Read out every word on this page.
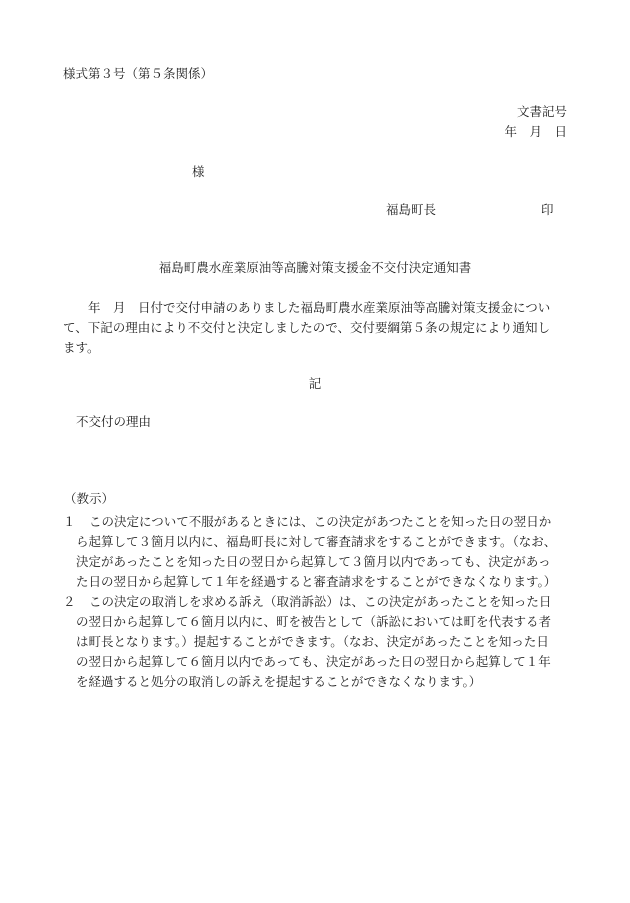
様式第３号（第５条関係）
文書記号
年　月　日
様
福島町長	印
福島町農水産業原油等高騰対策支援金不交付決定通知書
　　年　月　日付で交付申請のありました福島町農水産業原油等高騰対策支援金につい
て、下記の理由により不交付と決定しましたので、交付要綱第５条の規定により通知し
ます。
記
不交付の理由
（教示）
１ この決定について不服があるときには、この決定があつたことを知った日の翌日か
ら起算して３箇月以内に、福島町長に対して審査請求をすることができます。（なお、
決定があったことを知った日の翌日から起算して３箇月以内であっても、決定があっ
た日の翌日から起算して１年を経過すると審査請求をすることができなくなります。）
２ この決定の取消しを求める訴え（取消訴訟）は、この決定があったことを知った日
の翌日から起算して６箇月以内に、町を被告として（訴訟においては町を代表する者
は町長となります。）提起することができます。（なお、決定があったことを知った日
の翌日から起算して６箇月以内であっても、決定があった日の翌日から起算して１年
を経過すると処分の取消しの訴えを提起することができなくなります。）
